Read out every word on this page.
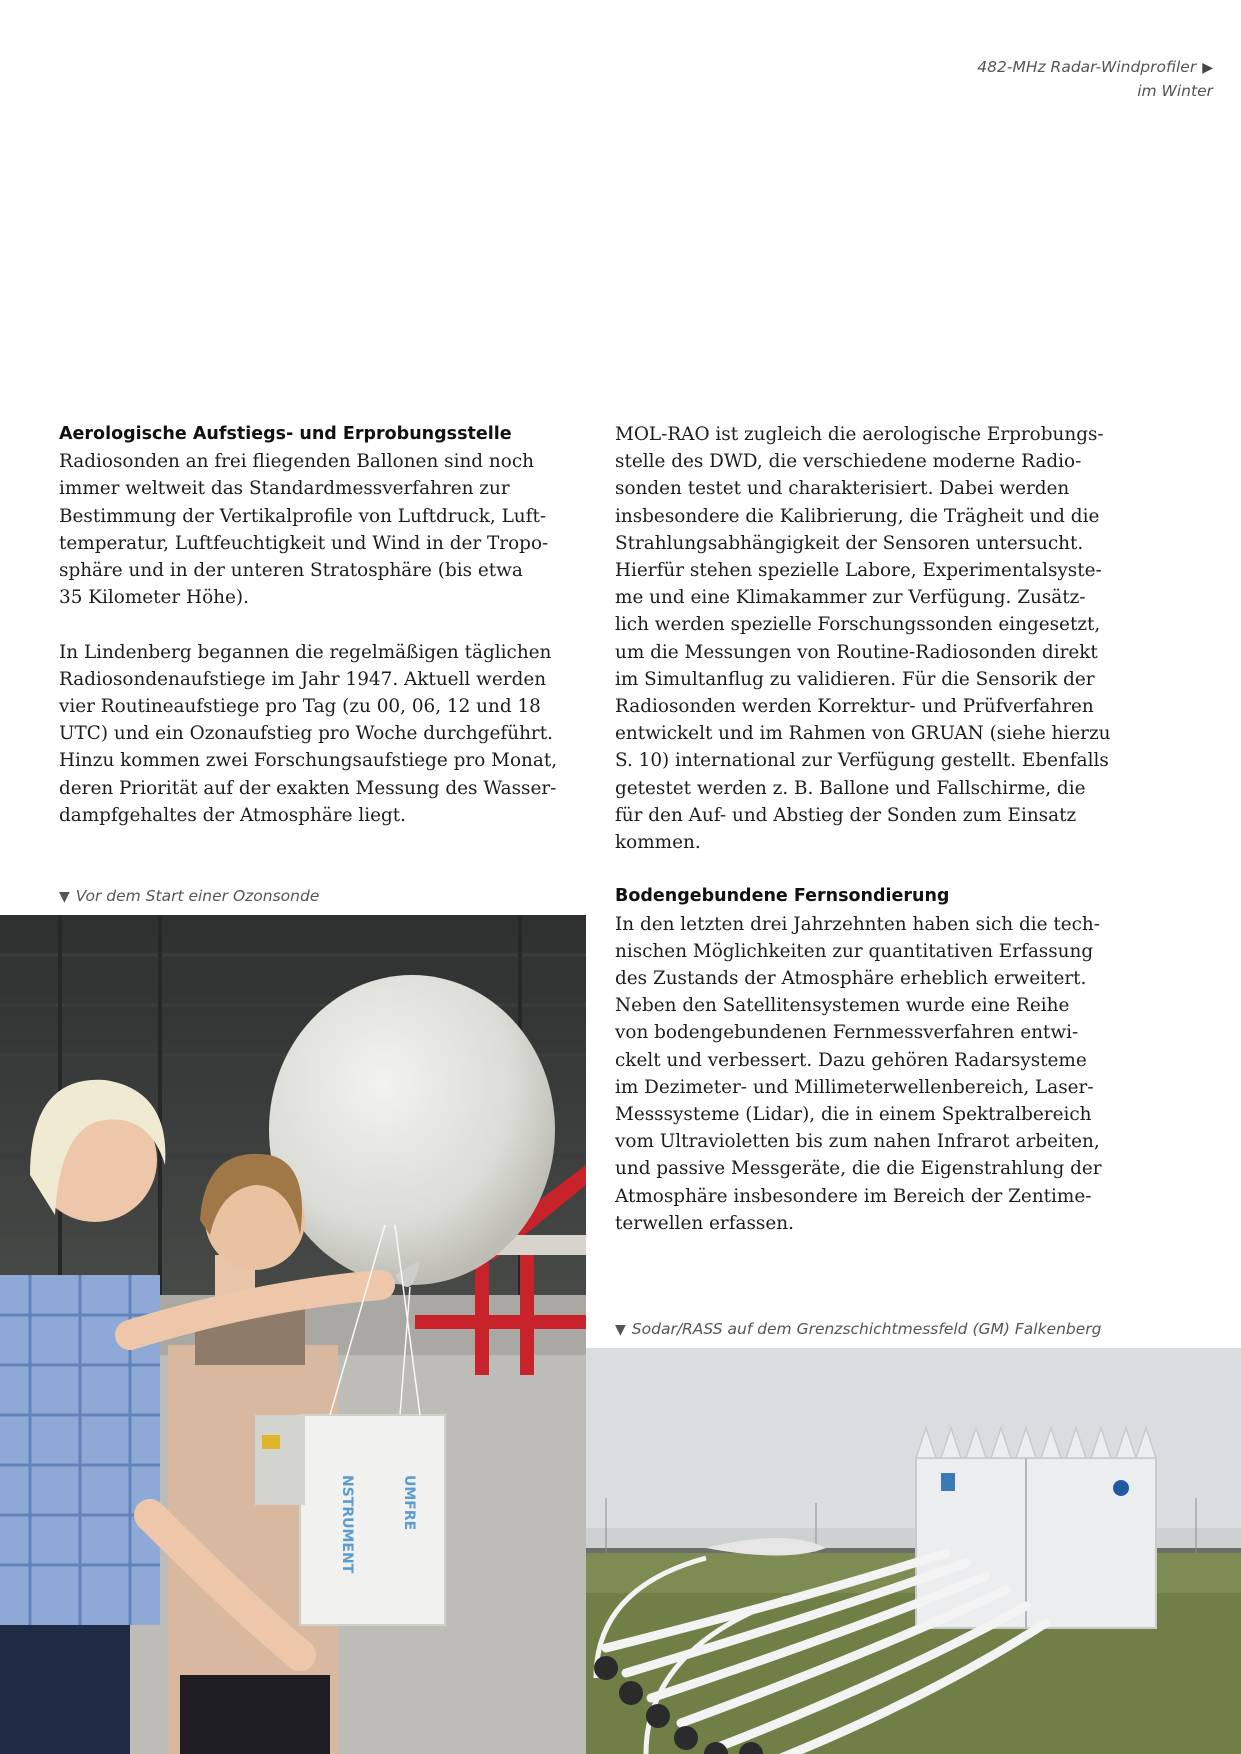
482-MHz Radar-Windprofiler ▶
im Winter
Aerologische Aufstiegs- und Erprobungsstelle

Radiosonden an frei fliegenden Ballonen sind noch
immer weltweit das Standardmessverfahren zur
Bestimmung der Vertikalprofile von Luftdruck, Luft-
temperatur, Luftfeuchtigkeit und Wind in der Tropo-
sphäre und in der unteren Stratosphäre (bis etwa
35 Kilometer Höhe).

In Lindenberg begannen die regelmäßigen täglichen
Radiosondenaufstiege im Jahr 1947. Aktuell werden
vier Routineaufstiege pro Tag (zu 00, 06, 12 und 18
UTC) und ein Ozonaufstieg pro Woche durchgeführt.
Hinzu kommen zwei Forschungsaufstiege pro Monat,
deren Priorität auf der exakten Messung des Wasser-
dampfgehaltes der Atmosphäre liegt.

MOL-RAO ist zugleich die aerologische Erprobungs-
stelle des DWD, die verschiedene moderne Radio-
sonden testet und charakterisiert. Dabei werden
insbesondere die Kalibrierung, die Trägheit und die
Strahlungsabhängigkeit der Sensoren untersucht.
Hierfür stehen spezielle Labore, Experimentalsyste-
me und eine Klimakammer zur Verfügung. Zusätz-
lich werden spezielle Forschungssonden eingesetzt,
um die Messungen von Routine-Radiosonden direkt
im Simultanflug zu validieren. Für die Sensorik der
Radiosonden werden Korrektur- und Prüfverfahren
entwickelt und im Rahmen von GRUAN (siehe hierzu
S. 10) international zur Verfügung gestellt. Ebenfalls
getestet werden z. B. Ballone und Fallschirme, die
für den Auf- und Abstieg der Sonden zum Einsatz
kommen.

Bodengebundene Fernsondierung

In den letzten drei Jahrzehnten haben sich die tech-
nischen Möglichkeiten zur quantitativen Erfassung
des Zustands der Atmosphäre erheblich erweitert.
Neben den Satellitensystemen wurde eine Reihe
von bodengebundenen Fernmessverfahren entwi-
ckelt und verbessert. Dazu gehören Radarsysteme
im Dezimeter- und Millimeterwellenbereich, Laser-
Messsysteme (Lidar), die in einem Spektralbereich
vom Ultravioletten bis zum nahen Infrarot arbeiten,
und passive Messgeräte, die die Eigenstrahlung der
Atmosphäre insbesondere im Bereich der Zentime-
terwellen erfassen.

▼ Vor dem Start einer Ozonsonde
NSTRUMENT	UMFRE
▼ Sodar/RASS auf dem Grenzschichtmessfeld (GM) Falkenberg
